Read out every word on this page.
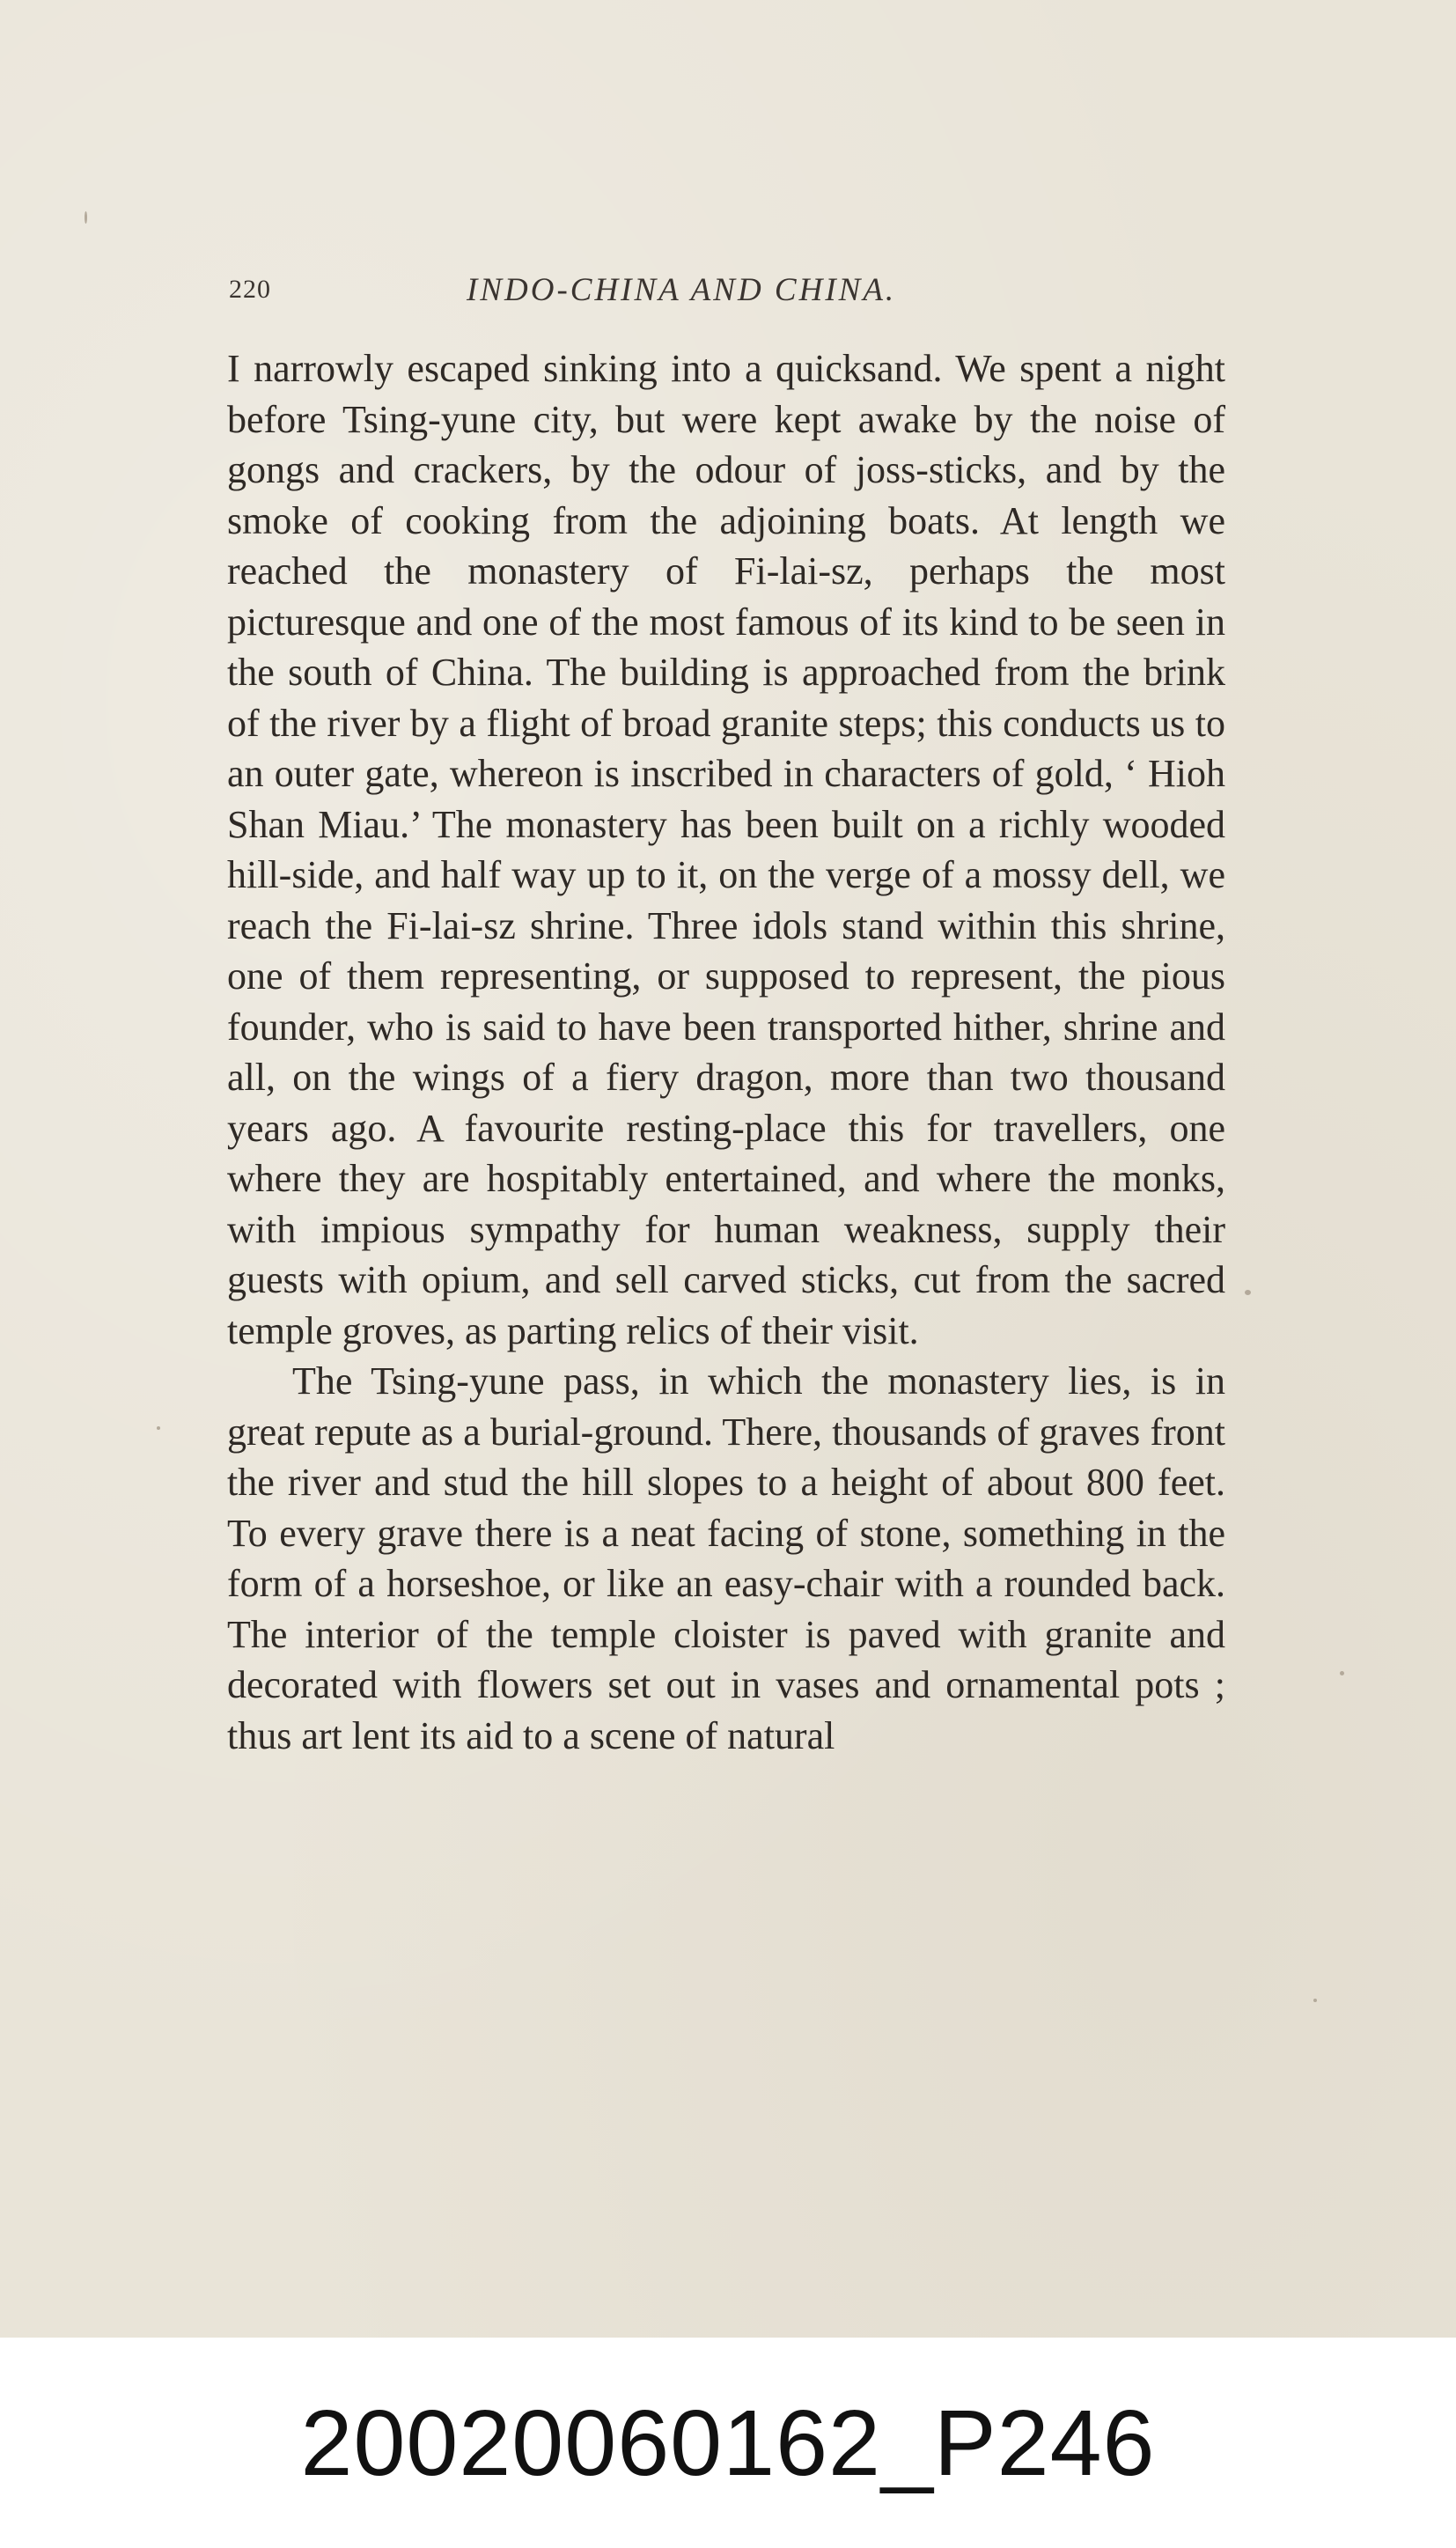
220	INDO-CHINA AND CHINA.

I narrowly escaped sinking into a quicksand. We spent a night before Tsing-yune city, but were kept awake by the noise of gongs and crackers, by the odour of joss-sticks, and by the smoke of cooking from the adjoining boats. At length we reached the monastery of Fi-lai-sz, perhaps the most picturesque and one of the most famous of its kind to be seen in the south of China. The building is approached from the brink of the river by a flight of broad granite steps; this conducts us to an outer gate, whereon is inscribed in characters of gold, ‘ Hioh Shan Miau.’ The monastery has been built on a richly wooded hill-side, and half way up to it, on the verge of a mossy dell, we reach the Fi-lai-sz shrine. Three idols stand within this shrine, one of them representing, or supposed to represent, the pious founder, who is said to have been transported hither, shrine and all, on the wings of a fiery dragon, more than two thousand years ago. A favourite resting-place this for travellers, one where they are hospitably entertained, and where the monks, with impious sympathy for human weakness, supply their guests with opium, and sell carved sticks, cut from the sacred temple groves, as parting relics of their visit.

The Tsing-yune pass, in which the monastery lies, is in great repute as a burial-ground. There, thousands of graves front the river and stud the hill slopes to a height of about 800 feet. To every grave there is a neat facing of stone, something in the form of a horseshoe, or like an easy-chair with a rounded back. The interior of the temple cloister is paved with granite and decorated with flowers set out in vases and ornamental pots ; thus art lent its aid to a scene of natural

20020060162_P246
